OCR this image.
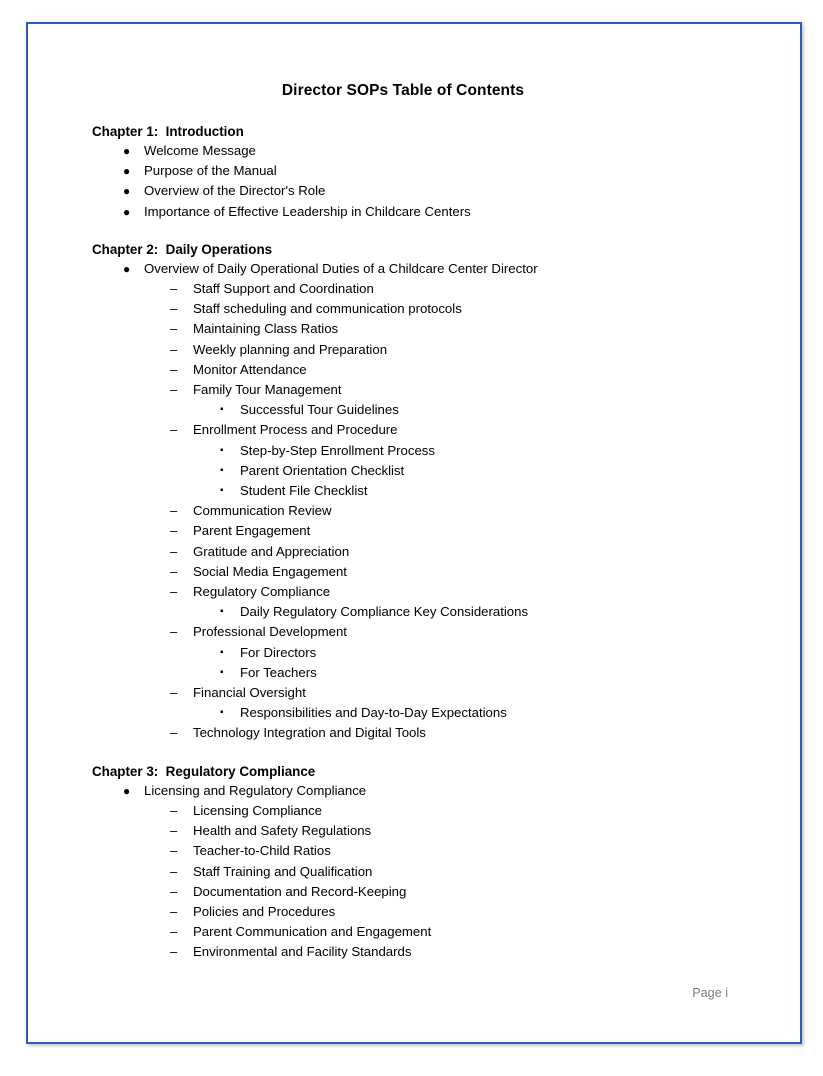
Director SOPs Table of Contents
Chapter 1:  Introduction
● Welcome Message
● Purpose of the Manual
● Overview of the Director's Role
● Importance of Effective Leadership in Childcare Centers
Chapter 2:  Daily Operations
● Overview of Daily Operational Duties of a Childcare Center Director
– Staff Support and Coordination
– Staff scheduling and communication protocols
– Maintaining Class Ratios
– Weekly planning and Preparation
– Monitor Attendance
– Family Tour Management
▪ Successful Tour Guidelines
– Enrollment Process and Procedure
▪ Step-by-Step Enrollment Process
▪ Parent Orientation Checklist
▪ Student File Checklist
– Communication Review
– Parent Engagement
– Gratitude and Appreciation
– Social Media Engagement
– Regulatory Compliance
▪ Daily Regulatory Compliance Key Considerations
– Professional Development
▪ For Directors
▪ For Teachers
– Financial Oversight
▪ Responsibilities and Day-to-Day Expectations
– Technology Integration and Digital Tools
Chapter 3:  Regulatory Compliance
● Licensing and Regulatory Compliance
– Licensing Compliance
– Health and Safety Regulations
– Teacher-to-Child Ratios
– Staff Training and Qualification
– Documentation and Record-Keeping
– Policies and Procedures
– Parent Communication and Engagement
– Environmental and Facility Standards
Page i
